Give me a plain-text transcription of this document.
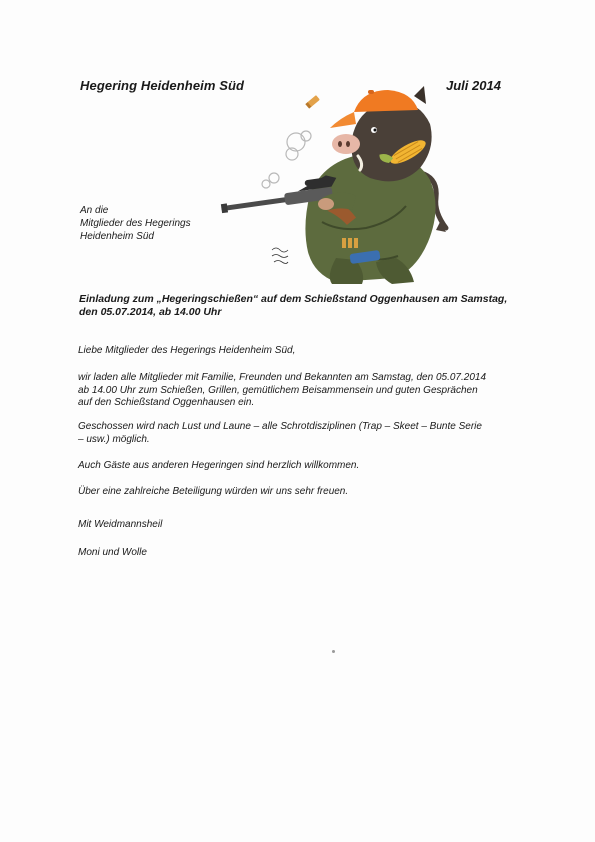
Hegering Heidenheim Süd	Juli 2014
An die
Mitglieder des Hegerings
Heidenheim Süd
Einladung zum „Hegeringschießen“ auf dem Schießstand Oggenhausen am Samstag,
den 05.07.2014, ab 14.00 Uhr
Liebe Mitglieder des Hegerings Heidenheim Süd,
wir laden alle Mitglieder mit Familie, Freunden und Bekannten am Samstag, den 05.07.2014
ab 14.00 Uhr zum Schießen, Grillen, gemütlichem Beisammensein und guten Gesprächen
auf den Schießstand Oggenhausen ein.
Geschossen wird nach Lust und Laune – alle Schrotdisziplinen (Trap – Skeet – Bunte Serie
– usw.) möglich.
Auch Gäste aus anderen Hegeringen sind herzlich willkommen.
Über eine zahlreiche Beteiligung würden wir uns sehr freuen.
Mit Weidmannsheil
Moni und Wolle
